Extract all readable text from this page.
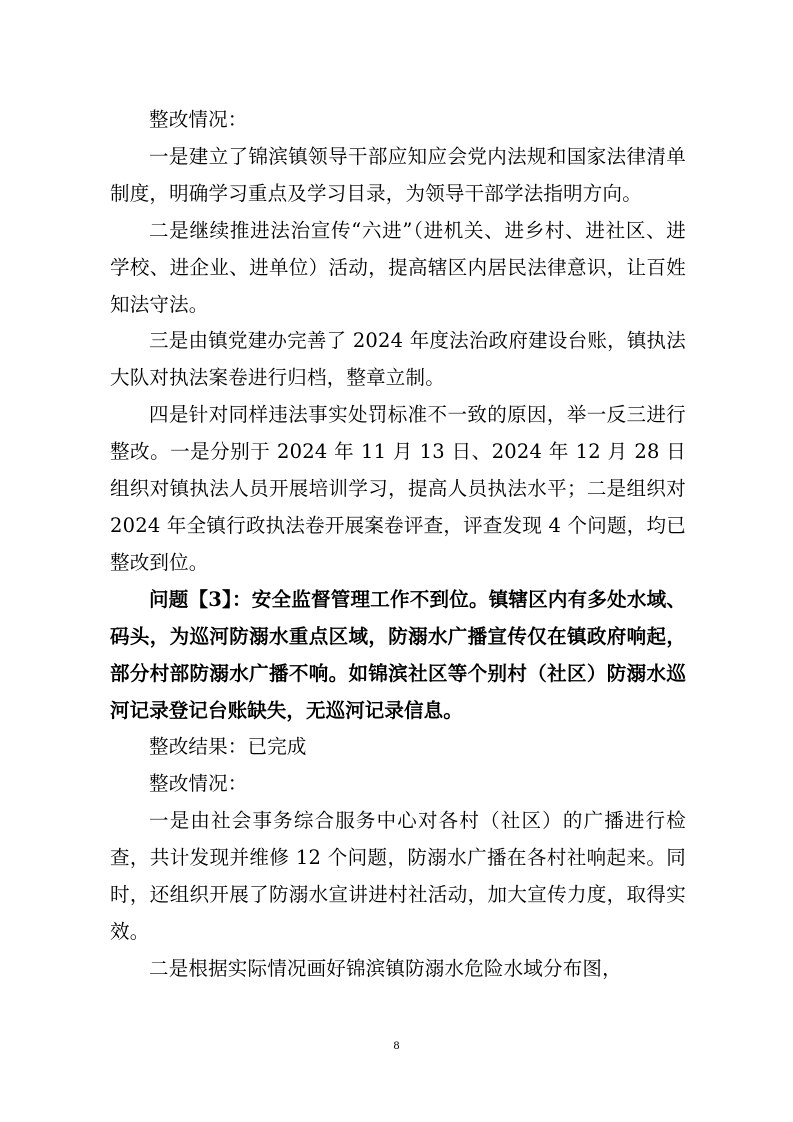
整改情况：

一是建立了锦滨镇领导干部应知应会党内法规和国家法律清单制度，明确学习重点及学习目录，为领导干部学法指明方向。

二是继续推进法治宣传“六进”（进机关、进乡村、进社区、进学校、进企业、进单位）活动，提高辖区内居民法律意识，让百姓知法守法。

三是由镇党建办完善了 2024 年度法治政府建设台账，镇执法大队对执法案卷进行归档，整章立制。

四是针对同样违法事实处罚标准不一致的原因，举一反三进行整改。一是分别于 2024 年 11 月 13 日、2024 年 12 月 28 日组织对镇执法人员开展培训学习，提高人员执法水平；二是组织对 2024 年全镇行政执法卷开展案卷评查，评查发现 4 个问题，均已整改到位。

问题【3】：安全监督管理工作不到位。镇辖区内有多处水域、码头，为巡河防溺水重点区域，防溺水广播宣传仅在镇政府响起，部分村部防溺水广播不响。如锦滨社区等个别村（社区）防溺水巡河记录登记台账缺失，无巡河记录信息。

整改结果：已完成

整改情况：

一是由社会事务综合服务中心对各村（社区）的广播进行检查，共计发现并维修 12 个问题，防溺水广播在各村社响起来。同时，还组织开展了防溺水宣讲进村社活动，加大宣传力度，取得实效。

二是根据实际情况画好锦滨镇防溺水危险水域分布图，

8
